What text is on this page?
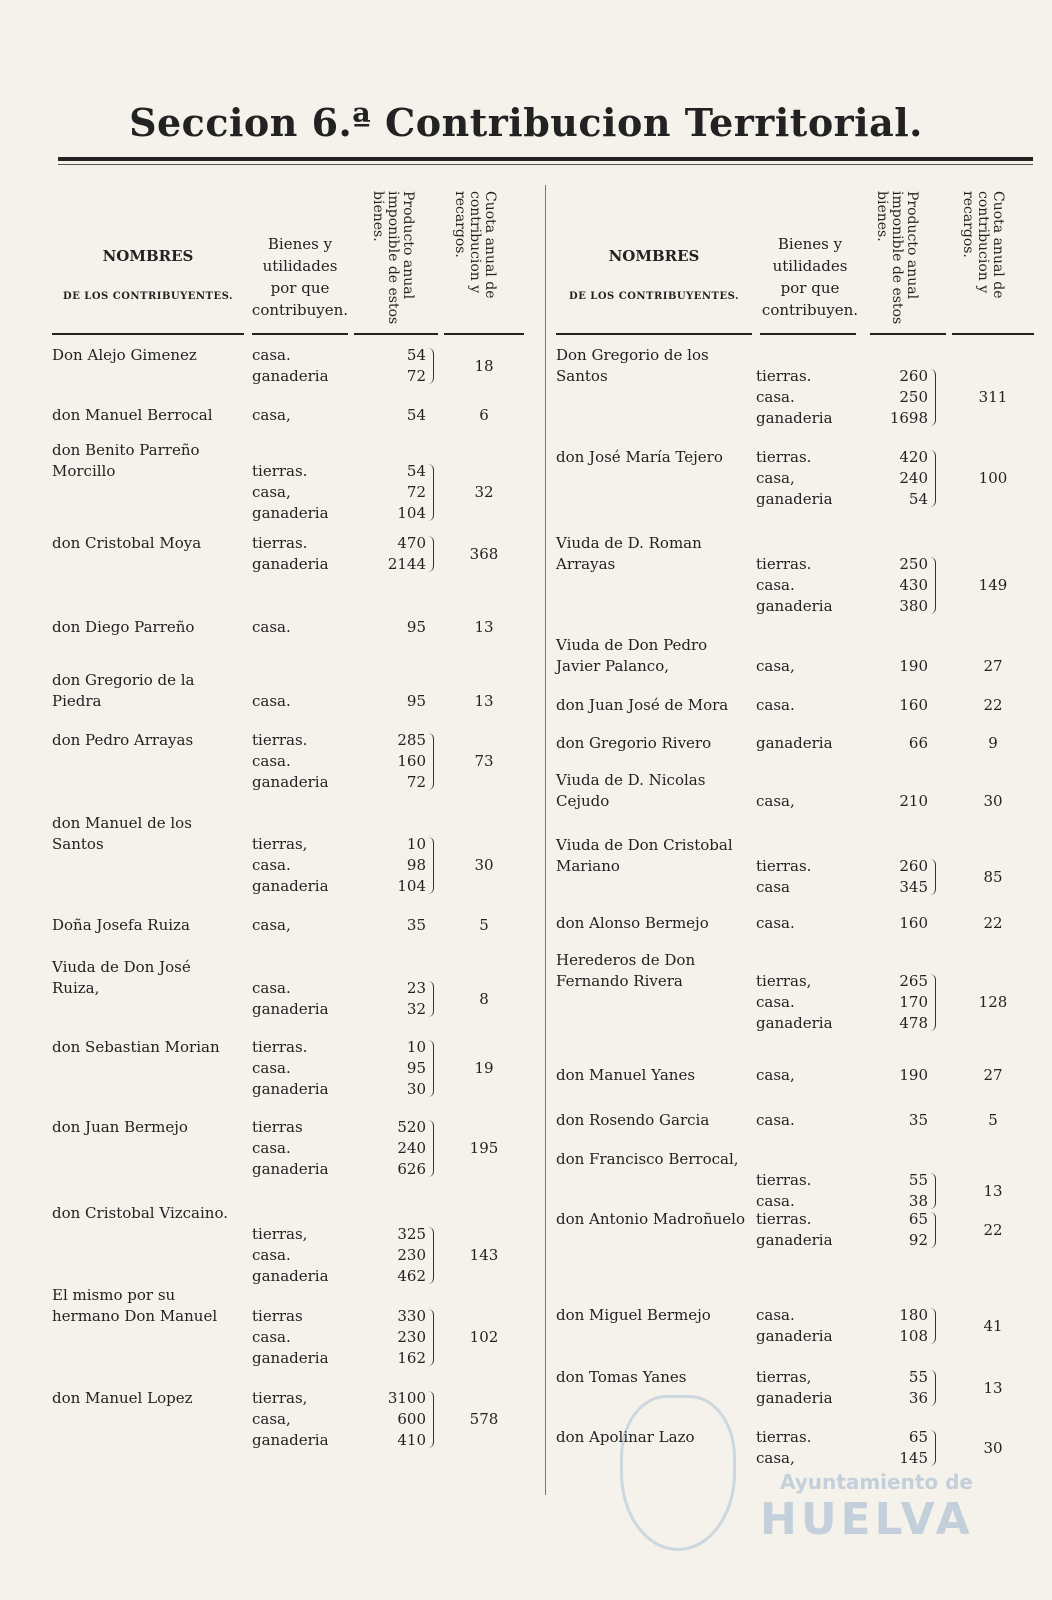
Seccion 6.ª Contribucion Territorial.
NOMBRES
DE LOS CONTRIBUYENTES.
Bienes y utilidades por que contribuyen.
Producto anual imponible de estos bienes.	Cuota anual de contribucion y recargos.
Don Alejo Gimenez	casa.	54
ganaderia	72
18
don Manuel Berrocal	casa,	54	6
don Benito Parreño Morcillo	tierras.	54
casa,	72
ganaderia	104
32
don Cristobal Moya	tierras.	470
ganaderia	2144
368
don Diego Parreño	casa.	95	13
don Gregorio de la Piedra	casa.	95	13
don Pedro Arrayas	tierras.	285
casa.	160
ganaderia	72
73
don Manuel de los Santos	tierras,	10
casa.	98
ganaderia	104
30
Doña Josefa Ruiza	casa,	35	5
Viuda de Don José Ruiza,	casa.	23
ganaderia	32
8
don Sebastian Morian	tierras.	10
casa.	95
ganaderia	30
19
don Juan Bermejo	tierras	520
casa.	240
ganaderia	626
195
don Cristobal Vizcaino.
tierras,	325
casa.	230
ganaderia	462
143
El mismo por su hermano Don Manuel	tierras	330
casa.	230
ganaderia	162
102
don Manuel Lopez	tierras,	3100
casa,	600
ganaderia	410
578
NOMBRES
DE LOS CONTRIBUYENTES.
Bienes y utilidades por que contribuyen.
Producto anual imponible de estos bienes.	Cuota anual de contribucion y recargos.
Don Gregorio de los Santos	tierras.	260
casa.	250
ganaderia	1698
311
don José María Tejero	tierras.	420
casa,	240
ganaderia	54
100
Viuda de D. Roman Arrayas	tierras.	250
casa.	430
ganaderia	380
149
Viuda de Don Pedro Javier Palanco,	casa,	190	27
don Juan José de Mora	casa.	160	22
don Gregorio Rivero	ganaderia	66	9
Viuda de D. Nicolas Cejudo	casa,	210	30
Viuda de Don Cristobal Mariano	tierras.	260
casa	345
85
don Alonso Bermejo	casa.	160	22
Herederos de Don Fernando Rivera	tierras,	265
casa.	170
ganaderia	478
128
don Manuel Yanes	casa,	190	27
don Rosendo Garcia	casa.	35	5
don Francisco Berrocal,
tierras.	55
casa.	38
13
don Antonio Madroñuelo tierras.	65
ganaderia	92
22
don Miguel Bermejo	casa.	180
ganaderia	108
41
don Tomas Yanes	tierras,	55
ganaderia	36
13
don Apolinar Lazo	tierras.	65
casa,	145
30
Ayuntamiento de
HUELVA
